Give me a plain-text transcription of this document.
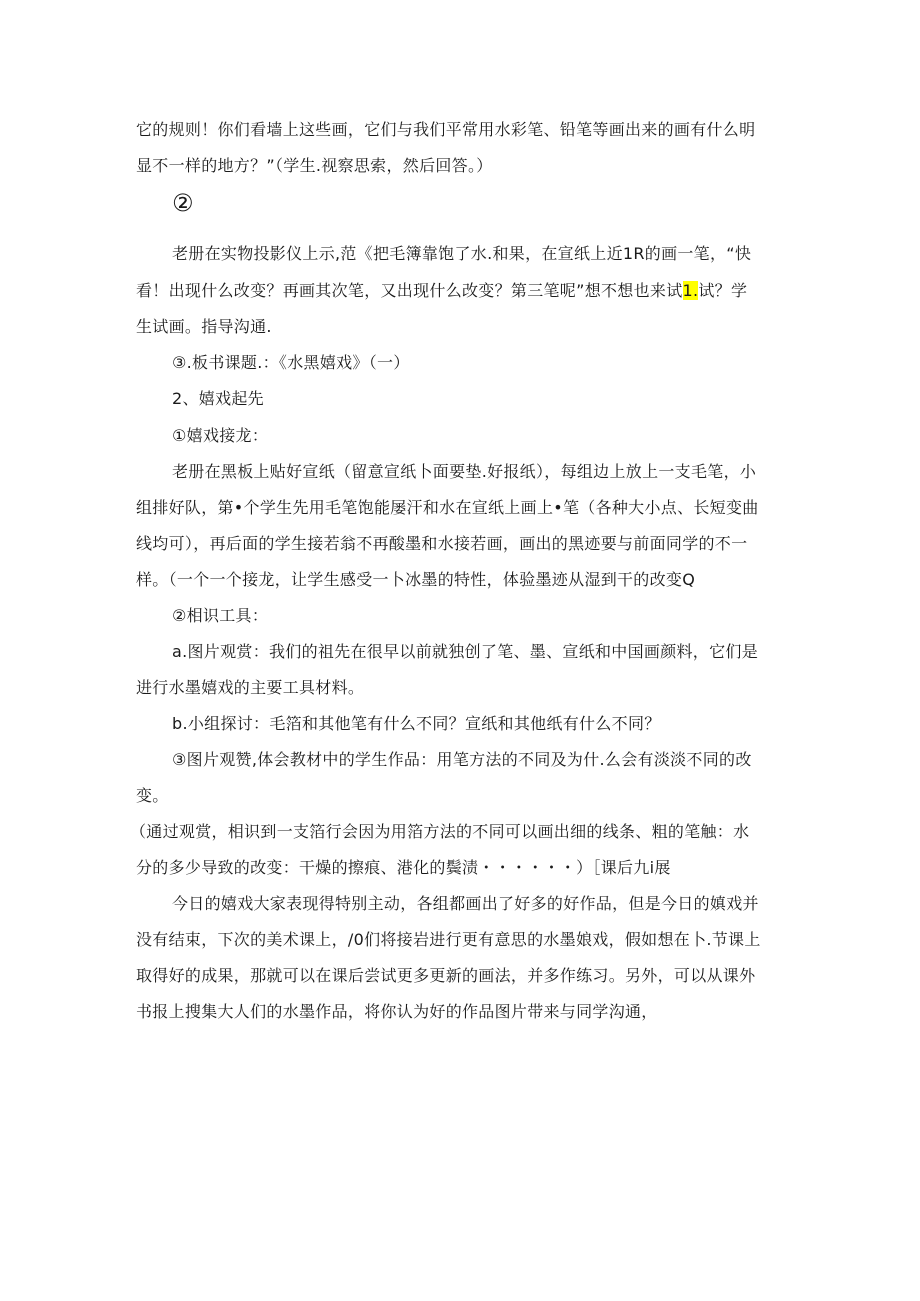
它的规则！你们看墙上这些画，它们与我们平常用水彩笔、铅笔等画出来的画有什么明
显不一样的地方？”（学生.视察思索，然后回答。）
②
老册在实物投影仪上示,范《把毛簿靠饱了水.和果，在宣纸上近1R的画一笔，“快
看！出现什么改变？再画其次笔，又出现什么改变？第三笔呢”想不想也来试1.试？学
生试画。指导沟通.
③.板书课题.：《水黑嬉戏》（一）
2、嬉戏起先
①嬉戏接龙：
老册在黑板上贴好宣纸（留意宣纸卜面要垫.好报纸），每组边上放上一支毛笔，小
组排好队，第•个学生先用毛笔饱能屡汗和水在宣纸上画上•笔（各种大小点、长短变曲
线均可），再后面的学生接若翁不再酸墨和水接若画，画出的黑迹要与前面同学的不一
样。（一个一个接龙，让学生感受一卜冰墨的特性，体验墨迹从湿到干的改变Q
②相识工具：
a.图片观赏：我们的祖先在很早以前就独创了笔、墨、宣纸和中国画颜料，它们是
进行水墨嬉戏的主要工具材料。
b.小组探讨：毛箔和其他笔有什么不同？宣纸和其他纸有什么不同？
③图片观赞,体会教材中的学生作品：用笔方法的不同及为什.么会有淡淡不同的改
变。
（通过观赏，相识到一支箔行会因为用箔方法的不同可以画出细的线条、粗的笔触：水
分的多少导致的改变：干燥的擦痕、港化的鬓渍・・・・・・）［课后九i展
今日的嬉戏大家表现得特别主动，各组都画出了好多的好作品，但是今日的嫃戏并
没有结束，下次的美术课上，/0们将接岩进行更有意思的水墨娘戏，假如想在卜.节课上
取得好的成果，那就可以在课后尝试更多更新的画法，并多作练习。另外，可以从课外
书报上搜集大人们的水墨作品，将你认为好的作品图片带来与同学沟通，
